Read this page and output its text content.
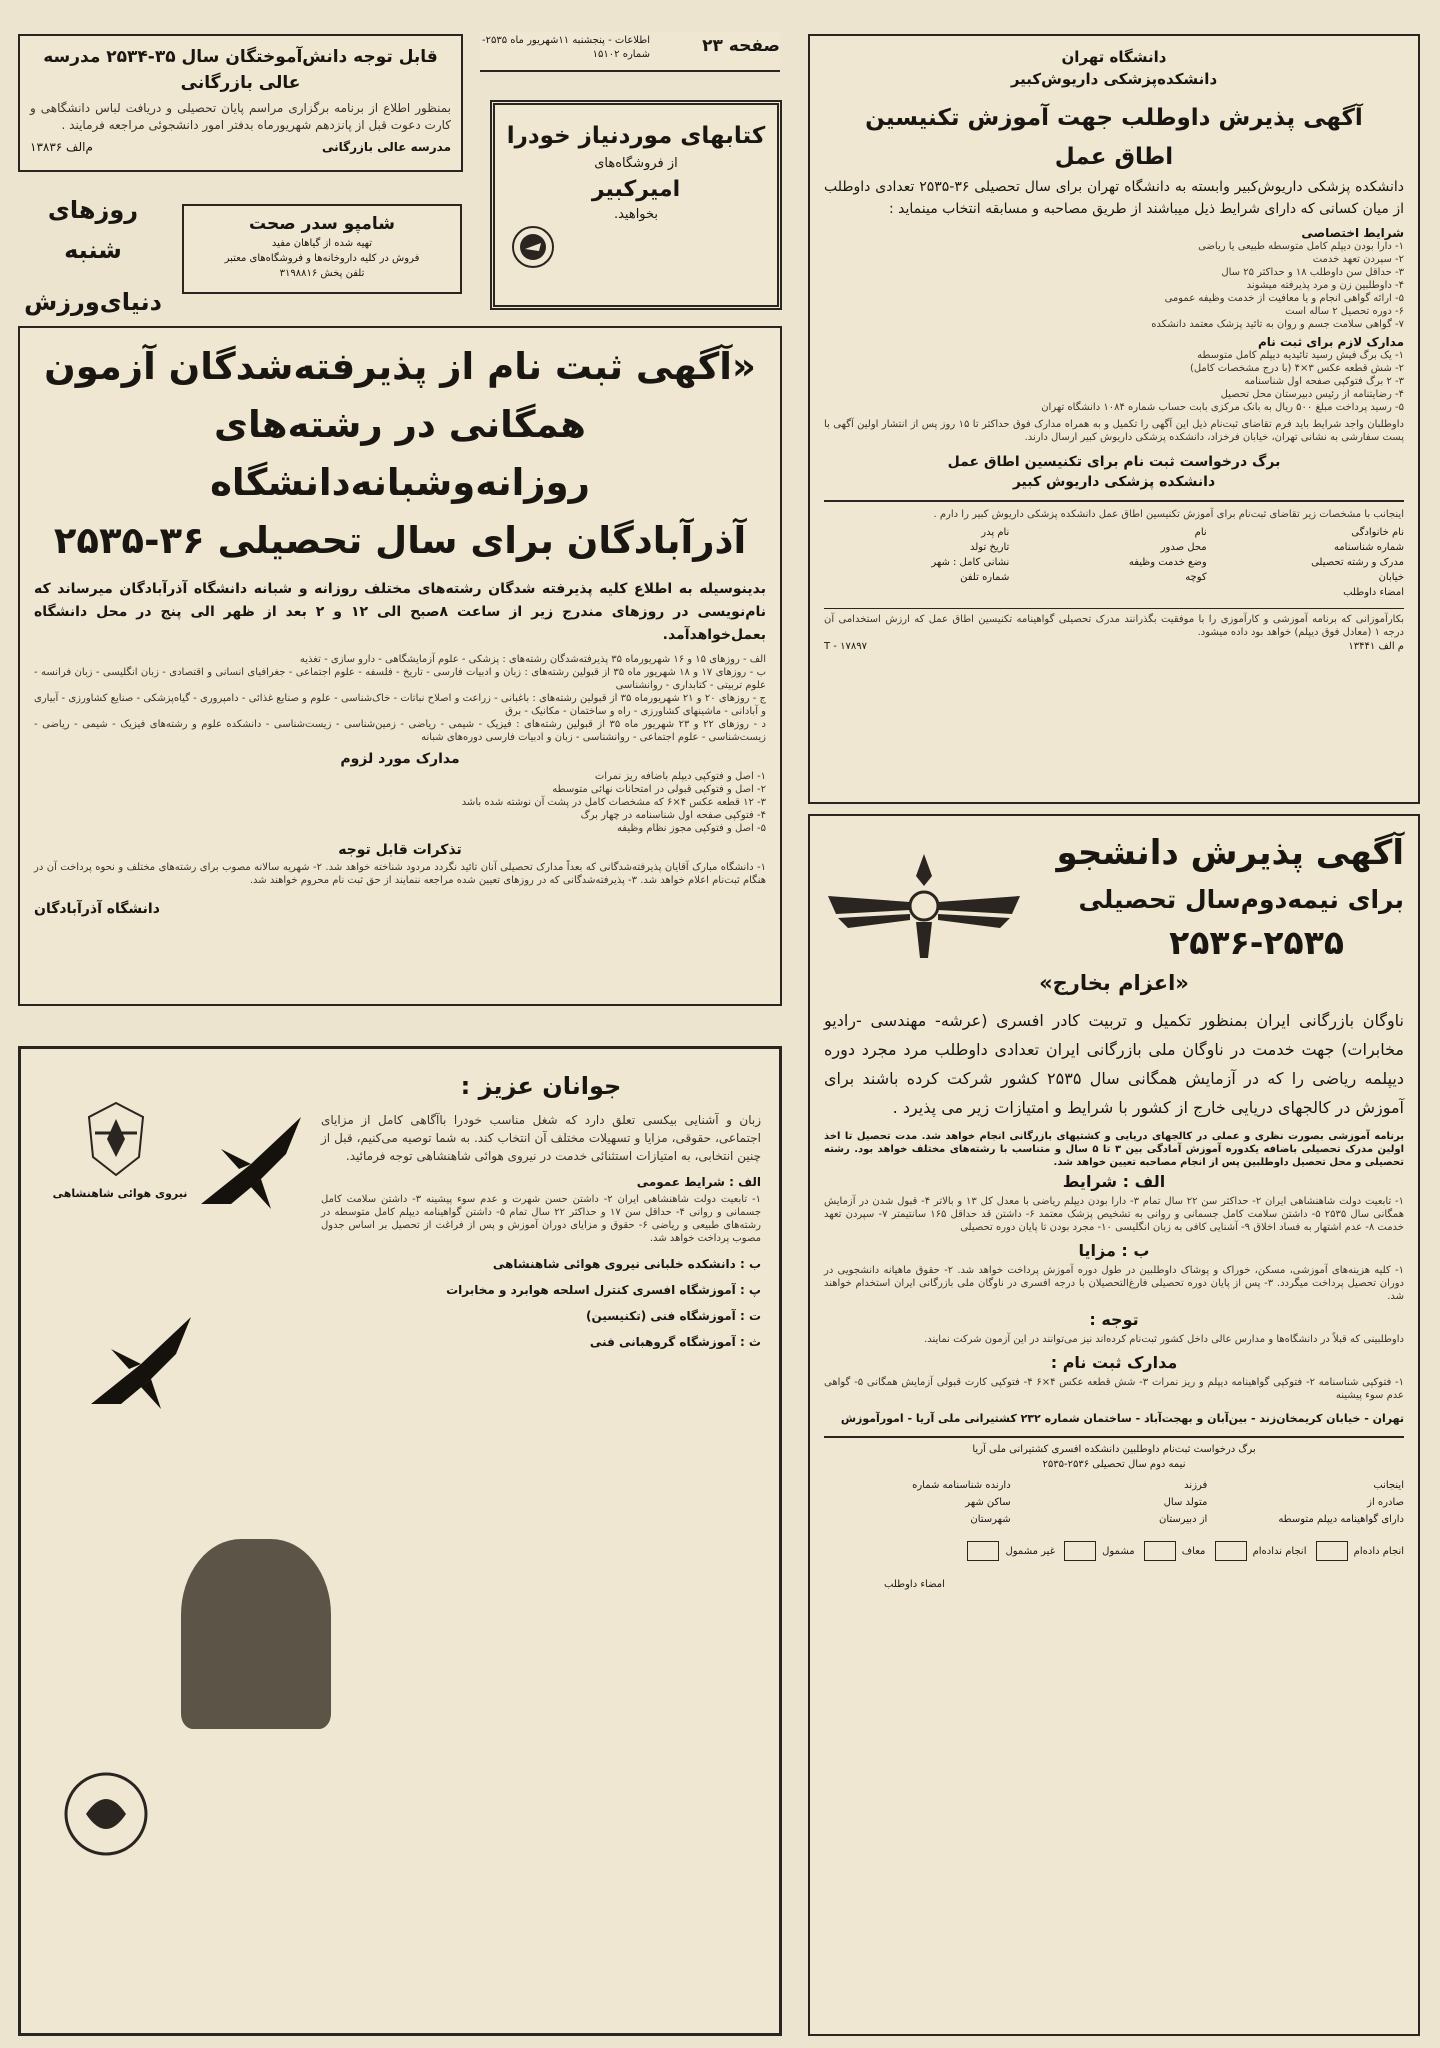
صفحه ۲۳
اطلاعات - پنجشنبه ۱۱شهریور ماه ۲۵۳۵- شماره ۱۵۱۰۲

قابل توجه دانش‌آموختگان سال ۳۵-۲۵۳۴ مدرسه عالی بازرگانی

بمنظور اطلاع از برنامه برگزاری مراسم پایان تحصیلی و دریافت لباس دانشگاهی و کارت دعوت قبل از پانزدهم شهریورماه بدفتر امور دانشجوئی مراجعه فرمایند .

مدرسه عالی بازرگانی
م‌الف ۱۳۸۳۶
روزهای شنبه
دنیای‌ورزش
شامپو سدر صحت
تهیه شده از گیاهان مفید
فروش در کلیه داروخانه‌ها و فروشگاه‌های معتبر
تلفن پخش ۳۱۹۸۸۱۶
کتابهای موردنیاز خودرا
از فروشگاه‌های
امیرکبیر
بخواهید.

«آگهی ثبت نام از پذیرفته‌شدگان آزمون

همگانی در رشته‌های روزانه‌وشبانه‌دانشگاه

آذرآبادگان برای سال تحصیلی ۳۶-۲۵۳۵

بدینوسیله به اطلاع کلیه پذیرفته شدگان رشته‌های مختلف روزانه و شبانه دانشگاه آذرآبادگان میرساند که نام‌نویسی در روزهای مندرج زیر از ساعت ۸صبح الی ۱۲ و ۲ بعد از ظهر الی پنج در محل دانشگاه بعمل‌خواهد‌آمد.

الف - روزهای ۱۵ و ۱۶ شهریورماه ۳۵ پذیرفته‌شدگان رشته‌های : پزشکی - علوم آزمایشگاهی - دارو سازی - تغذیه

ب - روزهای ۱۷ و ۱۸ شهریور ماه ۳۵ از قبولین رشته‌های : زبان و ادبیات فارسی - تاریخ - فلسفه - علوم اجتماعی - جغرافیای انسانی و اقتصادی - زبان انگلیسی - زبان فرانسه - علوم تربیتی - کتابداری - روانشناسی

ج - روزهای ۲۰ و ۲۱ شهریورماه ۳۵ از قبولین رشته‌های : باغبانی - زراعت و اصلاح نباتات - خاک‌شناسی - علوم و صنایع غذائی - دامپروری - گیاه‌پزشکی - صنایع کشاورزی - آبیاری و آبادانی - ماشینهای کشاورزی - راه و ساختمان - مکانیک - برق

د - روزهای ۲۲ و ۲۳ شهریور ماه ۳۵ از قبولین رشته‌های : فیزیک - شیمی - ریاضی - زمین‌شناسی - زیست‌شناسی - دانشکده علوم و رشته‌های فیزیک - شیمی - ریاضی - زیست‌شناسی - علوم اجتماعی - روانشناسی - زبان و ادبیات فارسی دوره‌های شبانه

مدارک مورد لزوم

۱- اصل و فتوکپی دیپلم باضافه ریز نمرات

۲- اصل و فتوکپی قبولی در امتحانات نهائی متوسطه

۳- ۱۲ قطعه عکس ۴×۶ که مشخصات کامل در پشت آن نوشته شده باشد

۴- فتوکپی صفحه اول شناسنامه در چهار برگ

۵- اصل و فتوکپی مجوز نظام وظیفه

تذکرات قابل توجه

۱- دانشگاه مبارک آقایان پذیرفته‌شدگانی که بعداً مدارک تحصیلی آنان تائید نگردد مردود شناخته خواهد شد. ۲- شهریه سالانه مصوب برای رشته‌های مختلف و نحوه پرداخت آن در هنگام ثبت‌نام اعلام خواهد شد. ۳- پذیرفته‌شدگانی که در روزهای تعیین شده مراجعه ننمایند از حق ثبت نام محروم خواهند شد.

دانشگاه آذرآبادگان

نیروی هوائی شاهنشاهی
جوانان عزیز :

زبان و آشنایی بیکسی تعلق دارد که شغل مناسب خودرا باآگاهی کامل از مزایای اجتماعی، حقوقی، مزایا و تسهیلات مختلف آن انتخاب کند. به شما توصیه می‌کنیم، قبل از چنین انتخابی، به امتیازات استثنائی خدمت در نیروی هوائی شاهنشاهی توجه فرمائید.

الف : شرایط عمومی

۱- تابعیت دولت شاهنشاهی ایران ۲- داشتن حسن شهرت و عدم سوء پیشینه ۳- داشتن سلامت کامل جسمانی و روانی ۴- حداقل سن ۱۷ و حداکثر ۲۲ سال تمام ۵- داشتن گواهینامه دیپلم کامل متوسطه در رشته‌های طبیعی و ریاضی ۶- حقوق و مزایای دوران آموزش و پس از فراغت از تحصیل بر اساس جدول مصوب پرداخت خواهد شد.

ب : دانشکده خلبانی نیروی هوائی شاهنشاهی

پ : آموزشگاه افسری کنترل اسلحه هوابرد و مخابرات

ت : آموزشگاه فنی (تکنیسین)

ث : آموزشگاه گروهبانی فنی

دانشگاه تهران
دانشکده‌پزشکی داریوش‌کبیر
آگهی پذیرش داوطلب جهت آموزش تکنیسین
اطاق عمل

دانشکده پزشکی داریوش‌کبیر وابسته به دانشگاه تهران برای سال تحصیلی ۳۶-۲۵۳۵ تعدادی داوطلب از میان کسانی که دارای شرایط ذیل میباشند از طریق مصاحبه و مسابقه انتخاب مینماید :

شرایط اختصاصی

۱- دارا بودن دیپلم کامل متوسطه طبیعی یا ریاضی

۲- سپردن تعهد خدمت

۳- حداقل سن داوطلب ۱۸ و حداکثر ۲۵ سال

۴- داوطلبین زن و مرد پذیرفته میشوند

۵- ارائه گواهی انجام و یا معافیت از خدمت وظیفه عمومی

۶- دوره تحصیل ۲ ساله است

۷- گواهی سلامت جسم و روان به تائید پزشک معتمد دانشکده

مدارک لازم برای ثبت نام

۱- یک برگ فیش رسید تائیدیه دیپلم کامل متوسطه

۲- شش قطعه عکس ۳×۴ (با درج مشخصات کامل)

۳- ۲ برگ فتوکپی صفحه اول شناسنامه

۴- رضایتنامه از رئیس دبیرستان محل تحصیل

۵- رسید پرداخت مبلغ ۵۰۰ ریال به بانک مرکزی بابت حساب شماره ۱۰۸۴ دانشگاه تهران

داوطلبان واجد شرایط باید فرم تقاضای ثبت‌نام ذیل این آگهی را تکمیل و به همراه مدارک فوق حداکثر تا ۱۵ روز پس از انتشار اولین آگهی با پست سفارشی به نشانی تهران، خیابان فرخزاد، دانشکده پزشکی داریوش کبیر ارسال دارند.

برگ درخواست ثبت نام برای تکنیسین اطاق عمل
دانشکده پزشکی داریوش کبیر

اینجانب با مشخصات زیر تقاضای ثبت‌نام برای آموزش تکنیسین اطاق عمل دانشکده پزشکی داریوش کبیر را دارم .

نام خانوادگی
نام
نام پدر
شماره شناسنامه
محل صدور
تاریخ تولد
مدرک و رشته تحصیلی
وضع خدمت وظیفه
نشانی کامل : شهر
خیابان
کوچه
شماره تلفن
امضاء داوطلب

بکارآموزانی که برنامه آموزشی و کارآموزی را با موفقیت بگذرانند مدرک تحصیلی گواهینامه تکنیسین اطاق عمل که ارزش استخدامی آن درجه ۱ (معادل فوق دیپلم) خواهد بود داده میشود.

م الف ۱۳۴۴۱
۱۷۸۹۷ - T
آگهی پذیرش دانشجو
برای نیمه‌دوم‌سال تحصیلی
۲۵۳۶-۲۵۳۵
«اعزام بخارج»

ناوگان بازرگانی ایران بمنظور تکمیل و تربیت کادر افسری (عرشه- مهندسی -رادیو مخابرات) جهت خدمت در ناوگان ملی بازرگانی ایران تعدادی داوطلب مرد مجرد دوره دیپلمه ریاضی را که در آزمایش همگانی سال ۲۵۳۵ کشور شرکت کرده باشند برای آموزش در کالجهای دریایی خارج از کشور با شرایط و امتیازات زیر می پذیرد .

برنامه آموزشی بصورت نظری و عملی در کالجهای دریایی و کشتیهای بازرگانی انجام خواهد شد. مدت تحصیل تا اخذ اولین مدرک تحصیلی باضافه یکدوره آموزش آمادگی بین ۳ تا ۵ سال و متناسب با رشته‌های مختلف خواهد بود. رشته تحصیلی و محل تحصیل داوطلبین پس از انجام مصاحبه تعیین خواهد شد.

الف : شرایط

۱- تابعیت دولت شاهنشاهی ایران ۲- حداکثر سن ۲۲ سال تمام ۳- دارا بودن دیپلم ریاضی با معدل کل ۱۳ و بالاتر ۴- قبول شدن در آزمایش همگانی سال ۲۵۳۵ ۵- داشتن سلامت کامل جسمانی و روانی به تشخیص پزشک معتمد ۶- داشتن قد حداقل ۱۶۵ سانتیمتر ۷- سپردن تعهد خدمت ۸- عدم اشتهار به فساد اخلاق ۹- آشنایی کافی به زبان انگلیسی ۱۰- مجرد بودن تا پایان دوره تحصیلی

ب : مزایا

۱- کلیه هزینه‌های آموزشی، مسکن، خوراک و پوشاک داوطلبین در طول دوره آموزش پرداخت خواهد شد. ۲- حقوق ماهیانه دانشجویی در دوران تحصیل پرداخت میگردد. ۳- پس از پایان دوره تحصیلی فارغ‌التحصیلان با درجه افسری در ناوگان ملی بازرگانی ایران استخدام خواهند شد.

توجه :

داوطلبینی که قبلاً در دانشگاه‌ها و مدارس عالی داخل کشور ثبت‌نام کرده‌اند نیز می‌توانند در این آزمون شرکت نمایند.

مدارک ثبت نام :

۱- فتوکپی شناسنامه ۲- فتوکپی گواهینامه دیپلم و ریز نمرات ۳- شش قطعه عکس ۴×۶ ۴- فتوکپی کارت قبولی آزمایش همگانی ۵- گواهی عدم سوء پیشینه

تهران - خیابان کریمخان‌زند - بین‌آبان و بهجت‌آباد - ساختمان شماره ۲۳۲ کشتیرانی ملی آریا - امورآموزش

برگ درخواست ثبت‌نام داوطلبین دانشکده افسری کشتیرانی ملی آریا
نیمه دوم سال تحصیلی ۲۵۳۶-۲۵۳۵
اینجانب
فرزند
دارنده شناسنامه شماره
صادره از
متولد سال
ساکن شهر
دارای گواهینامه دیپلم متوسطه
از دبیرستان
شهرستان
انجام داده‌ام انجام نداده‌ام معاف مشمول غیر مشمول
امضاء داوطلب
